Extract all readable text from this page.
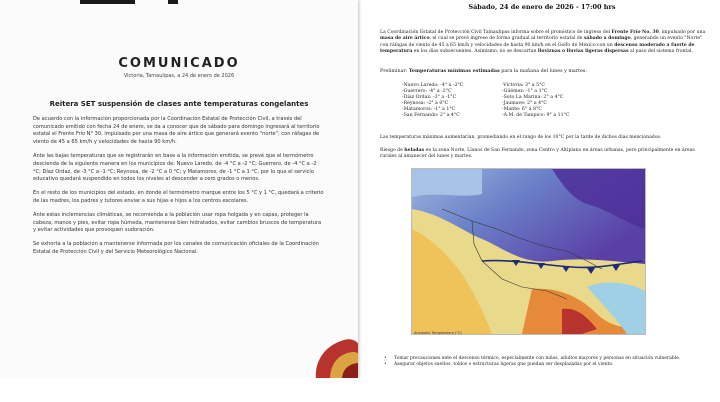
COMUNICADO
Victoria, Tamaulipas, a 24 de enero de 2026
Reitera SET suspensión de clases ante temperaturas congelantes

De acuerdo con la información proporcionada por la Coordinación Estatal de Protección Civil, a través del comunicado emitido con fecha 24 de enero, se da a conocer que de sábado para domingo ingresará al territorio estatal el Frente Frío N° 30, impulsado por una masa de aire ártico que generará evento "norte", con ráfagas de viento de 45 a 65 km/h y velocidades de hasta 90 km/h.

Ante las bajas temperaturas que se registrarán en base a la información emitida, se prevé que el termómetro descienda de la siguiente manera en los municipios de: Nuevo Laredo, de -4 °C a -2 °C; Guerrero, de -4 °C a -2 °C; Díaz Ordaz, de -3 °C a -1 °C; Reynosa, de -2 °C a 0 °C; y Matamoros, de -1 °C a 1 °C, por lo que el servicio educativo quedará suspendido en todos los niveles al descender a cero grados o menos.

En el resto de los municipios del estado, en donde el termómetro marque entre los 5 °C y 1 °C, quedará a criterio de las madres, los padres y tutores enviar a sus hijas e hijos a los centros escolares.

Ante estas inclemencias climáticas, se recomienda a la población usar ropa holgada y en capas, proteger la cabeza, manos y pies, evitar ropa húmeda, mantenerse bien hidratados, evitar cambios bruscos de temperatura y evitar actividades que provoquen sudoración.

Se exhorta a la población a mantenerse informada por los canales de comunicación oficiales de la Coordinación Estatal de Protección Civil y del Servicio Meteorológico Nacional.

Sábado, 24 de enero de 2026 - 17:00 hrs
La Coordinación Estatal de Protección Civil Tamaulipas informa sobre el pronóstico de ingreso del Frente Frío No. 30, impulsado por una masa de aire ártico, el cual se prevé ingrese de forma gradual al territorio estatal de sábado a domingo, generando un evento "Norte" con ráfagas de viento de 45 a 65 km/h y velocidades de hasta 90 km/h en el Golfo de México con un descenso moderado a fuerte de temperatura en los días subsecuentes. Asimismo, no se descartan lloviznas o lluvias ligeras dispersas al paso del sistema frontal.
Preliminar: Temperaturas mínimas estimadas para la mañana del lunes y martes:
-Nuevo Laredo: -4° a -2°C
-Guerrero: -4° a -2°C
-Díaz Ordaz: -3° a -1°C
-Reynosa: -2° a 0°C
-Matamoros: -1° a 1°C
-San Fernando: 2° a 4°C
-Victoria: 3° a 5°C
-Güémez: -1° a 1°C
-Soto La Marina: 2° a 4°C
-Jaumave: 2° a 4°C
-Mante: 6° a 8°C
-A.M. de Tampico: 9° a 11°C
Las temperaturas máximas aumentarían, promediando en el rango de los 10°C por la tarde de dichos días mencionados.
Riesgo de heladas en la zona Norte, Llanos de San Fernando, zona Centro y Altiplano en áreas urbanas, pero principalmente en áreas rurales al amanecer del lunes y martes.
Anomalía Temperatura (°C)
• Tomar precauciones ante el descenso térmico, especialmente con niños, adultos mayores y personas en situación vulnerable.
• Asegurar objetos sueltos, toldos o estructuras ligeras que puedan ser desplazadas por el viento.
